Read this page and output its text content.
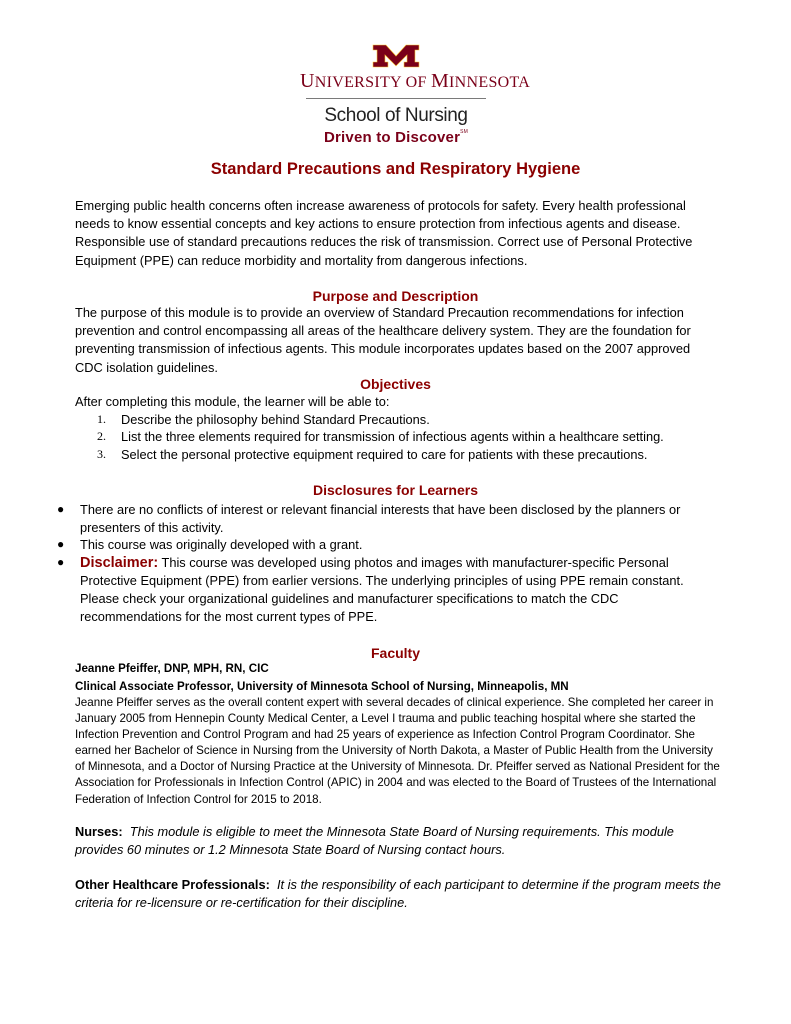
UNIVERSITY OF MINNESOTA
School of Nursing
Driven to Discover℠
Standard Precautions and Respiratory Hygiene
Emerging public health concerns often increase awareness of protocols for safety. Every health professional needs to know essential concepts and key actions to ensure protection from infectious agents and disease. Responsible use of standard precautions reduces the risk of transmission. Correct use of Personal Protective Equipment (PPE) can reduce morbidity and mortality from dangerous infections.
Purpose and Description
The purpose of this module is to provide an overview of Standard Precaution recommendations for infection prevention and control encompassing all areas of the healthcare delivery system. They are the foundation for preventing transmission of infectious agents. This module incorporates updates based on the 2007 approved CDC isolation guidelines.
Objectives
After completing this module, the learner will be able to:
1. Describe the philosophy behind Standard Precautions.
2. List the three elements required for transmission of infectious agents within a healthcare setting.
3. Select the personal protective equipment required to care for patients with these precautions.
Disclosures for Learners
● There are no conflicts of interest or relevant financial interests that have been disclosed by the planners or presenters of this activity.
● This course was originally developed with a grant.
● Disclaimer: This course was developed using photos and images with manufacturer-specific Personal Protective Equipment (PPE) from earlier versions. The underlying principles of using PPE remain constant. Please check your organizational guidelines and manufacturer specifications to match the CDC recommendations for the most current types of PPE.
Faculty
Jeanne Pfeiffer, DNP, MPH, RN, CIC
Clinical Associate Professor, University of Minnesota School of Nursing, Minneapolis, MN
Jeanne Pfeiffer serves as the overall content expert with several decades of clinical experience. She completed her career in January 2005 from Hennepin County Medical Center, a Level I trauma and public teaching hospital where she started the Infection Prevention and Control Program and had 25 years of experience as Infection Control Program Coordinator. She earned her Bachelor of Science in Nursing from the University of North Dakota, a Master of Public Health from the University of Minnesota, and a Doctor of Nursing Practice at the University of Minnesota. Dr. Pfeiffer served as National President for the Association for Professionals in Infection Control (APIC) in 2004 and was elected to the Board of Trustees of the International Federation of Infection Control for 2015 to 2018.
Nurses: This module is eligible to meet the Minnesota State Board of Nursing requirements. This module provides 60 minutes or 1.2 Minnesota State Board of Nursing contact hours.
Other Healthcare Professionals: It is the responsibility of each participant to determine if the program meets the criteria for re-licensure or re-certification for their discipline.
